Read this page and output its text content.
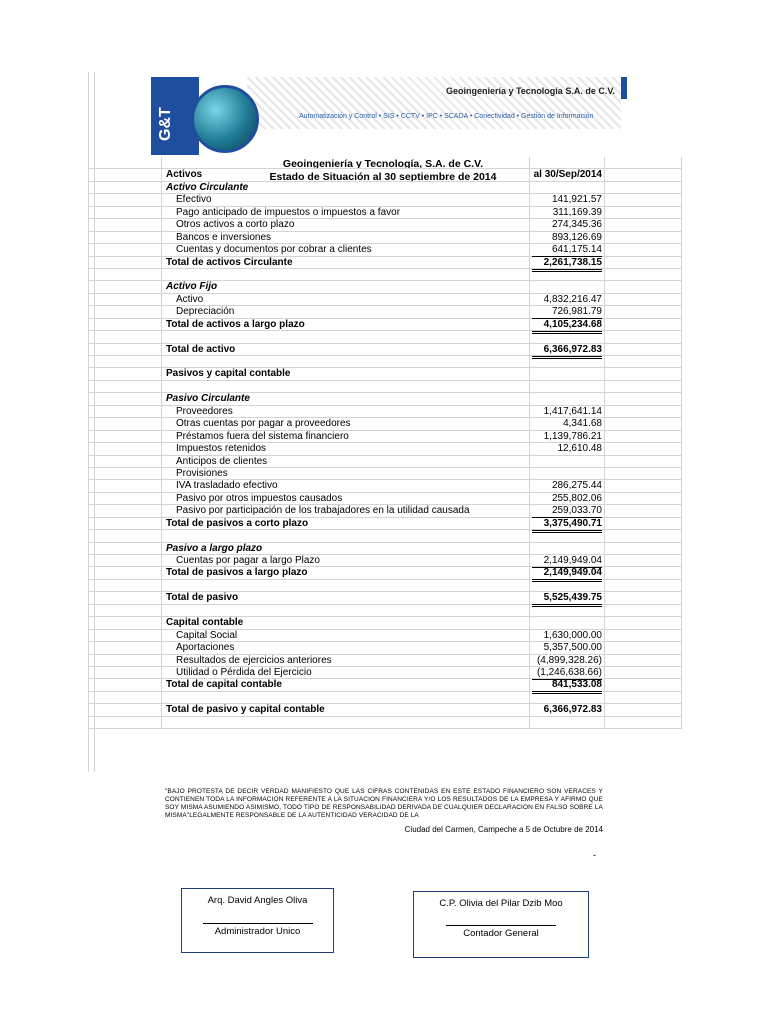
G&T
Geoingeniería y Tecnología S.A. de C.V.
Automatización y Control • SIS • CCTV • IPC • SCADA • Conectividad • Gestión de Información
Geoingeniería y Tecnología, S.A. de C.V.
Estado de Situación al 30 septiembre de 2014
Activos	al 30/Sep/2014
Activo Circulante
Efectivo	141,921.57
Pago anticipado de impuestos o impuestos a favor	311,169.39
Otros activos a corto plazo	274,345.36
Bancos e inversiones	893,126.69
Cuentas y documentos por cobrar a clientes	641,175.14
Total de activos Circulante	2,261,738.15
Activo Fijo
Activo	4,832,216.47
Depreciación	726,981.79
Total de activos a largo plazo	4,105,234.68
Total de activo	6,366,972.83
Pasivos y capital contable
Pasivo Circulante
Proveedores	1,417,641.14
Otras cuentas por pagar a proveedores	4,341.68
Préstamos fuera del sistema financiero	1,139,786.21
Impuestos retenidos	12,610.48
Anticipos de clientes
Provisiones
IVA trasladado efectivo	286,275.44
Pasivo por otros impuestos causados	255,802.06
Pasivo por participación de los trabajadores en la utilidad causada	259,033.70
Total de pasivos a corto plazo	3,375,490.71
Pasivo a largo plazo
Cuentas por pagar a largo Plazo	2,149,949.04
Total de pasivos a largo plazo	2,149,949.04
Total de pasivo	5,525,439.75
Capital contable
Capital Social	1,630,000.00
Aportaciones	5,357,500.00
Resultados de ejercicios anteriores	(4,899,328.26)
Utilidad o Pérdida del Ejercicio	(1,246,638.66)
Total de capital contable	841,533.08
Total de pasivo y capital contable	6,366,972.83
"BAJO PROTESTA DE DECIR VERDAD MANIFIESTO QUE LAS CIFRAS CONTENIDAS EN ESTE ESTADO FINANCIERO SON VERACES Y CONTIENEN TODA LA INFORMACION REFERENTE A LA SITUACION FINANCIERA Y/O LOS RESULTADOS DE LA EMPRESA Y AFIRMO QUE SOY MISMA ASUMIENDO ASIMISMO, TODO TIPO DE RESPONSABILIDAD DERIVADA DE CUALQUIER DECLARACION EN FALSO SOBRE LA MISMA"LEGALMENTE RESPONSABLE DE LA AUTENTICIDAD VERACIDAD DE LA
Ciudad del Carmen, Campeche a 5 de Octubre de 2014
-
Arq. David Angles Oliva
Administrador Unico
C.P. Olivia del Pilar Dzib Moo
Contador General
